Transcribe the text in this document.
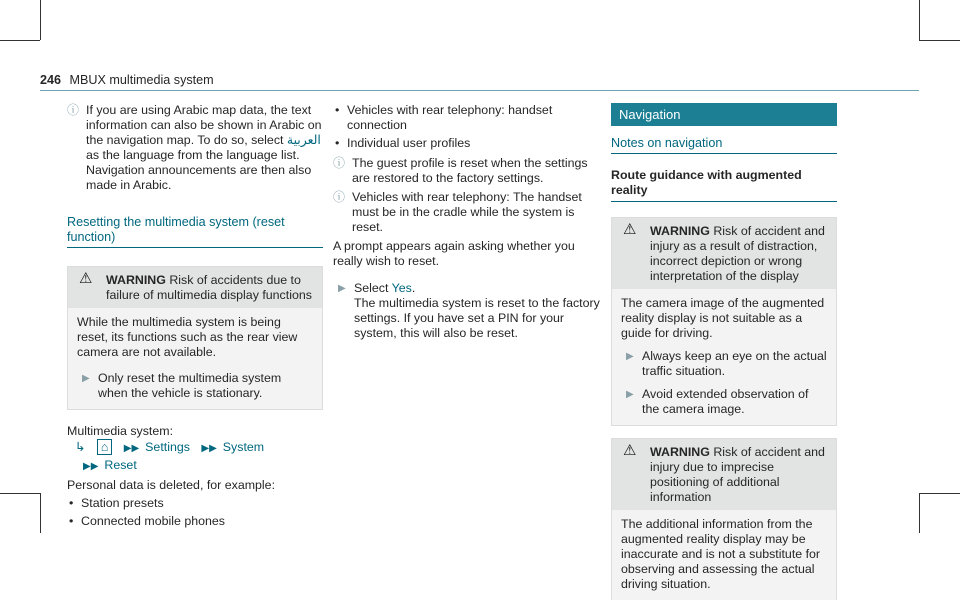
246 MBUX multimedia system
ⓘ If you are using Arabic map data, the text information can also be shown in Arabic on the navigation map. To do so, select العربية as the language from the language list. Navigation announcements are then also made in Arabic.
Resetting the multimedia system (reset function)
⚠ WARNING Risk of accidents due to failure of multimedia display functions

While the multimedia system is being reset, its functions such as the rear view camera are not available.

▶ Only reset the multimedia system when the vehicle is stationary.

Multimedia system:

↳ ⌂ ▶▶ Settings ▶▶ System ▶▶ Reset

Personal data is deleted, for example:

• Station presets
• Connected mobile phones
• Vehicles with rear telephony: handset connection
• Individual user profiles
ⓘ The guest profile is reset when the settings are restored to the factory settings.
ⓘ Vehicles with rear telephony: The handset must be in the cradle while the system is reset.

A prompt appears again asking whether you really wish to reset.

▶ Select Yes.
The multimedia system is reset to the factory settings. If you have set a PIN for your system, this will also be reset.
Navigation
Notes on navigation
Route guidance with augmented reality
⚠ WARNING Risk of accident and injury as a result of distraction, incorrect depiction or wrong interpretation of the display

The camera image of the augmented reality display is not suitable as a guide for driving.

▶ Always keep an eye on the actual traffic situation.
▶ Avoid extended observation of the camera image.
⚠ WARNING Risk of accident and injury due to imprecise positioning of additional information

The additional information from the augmented reality display may be inaccurate and is not a substitute for observing and assessing the actual driving situation.
